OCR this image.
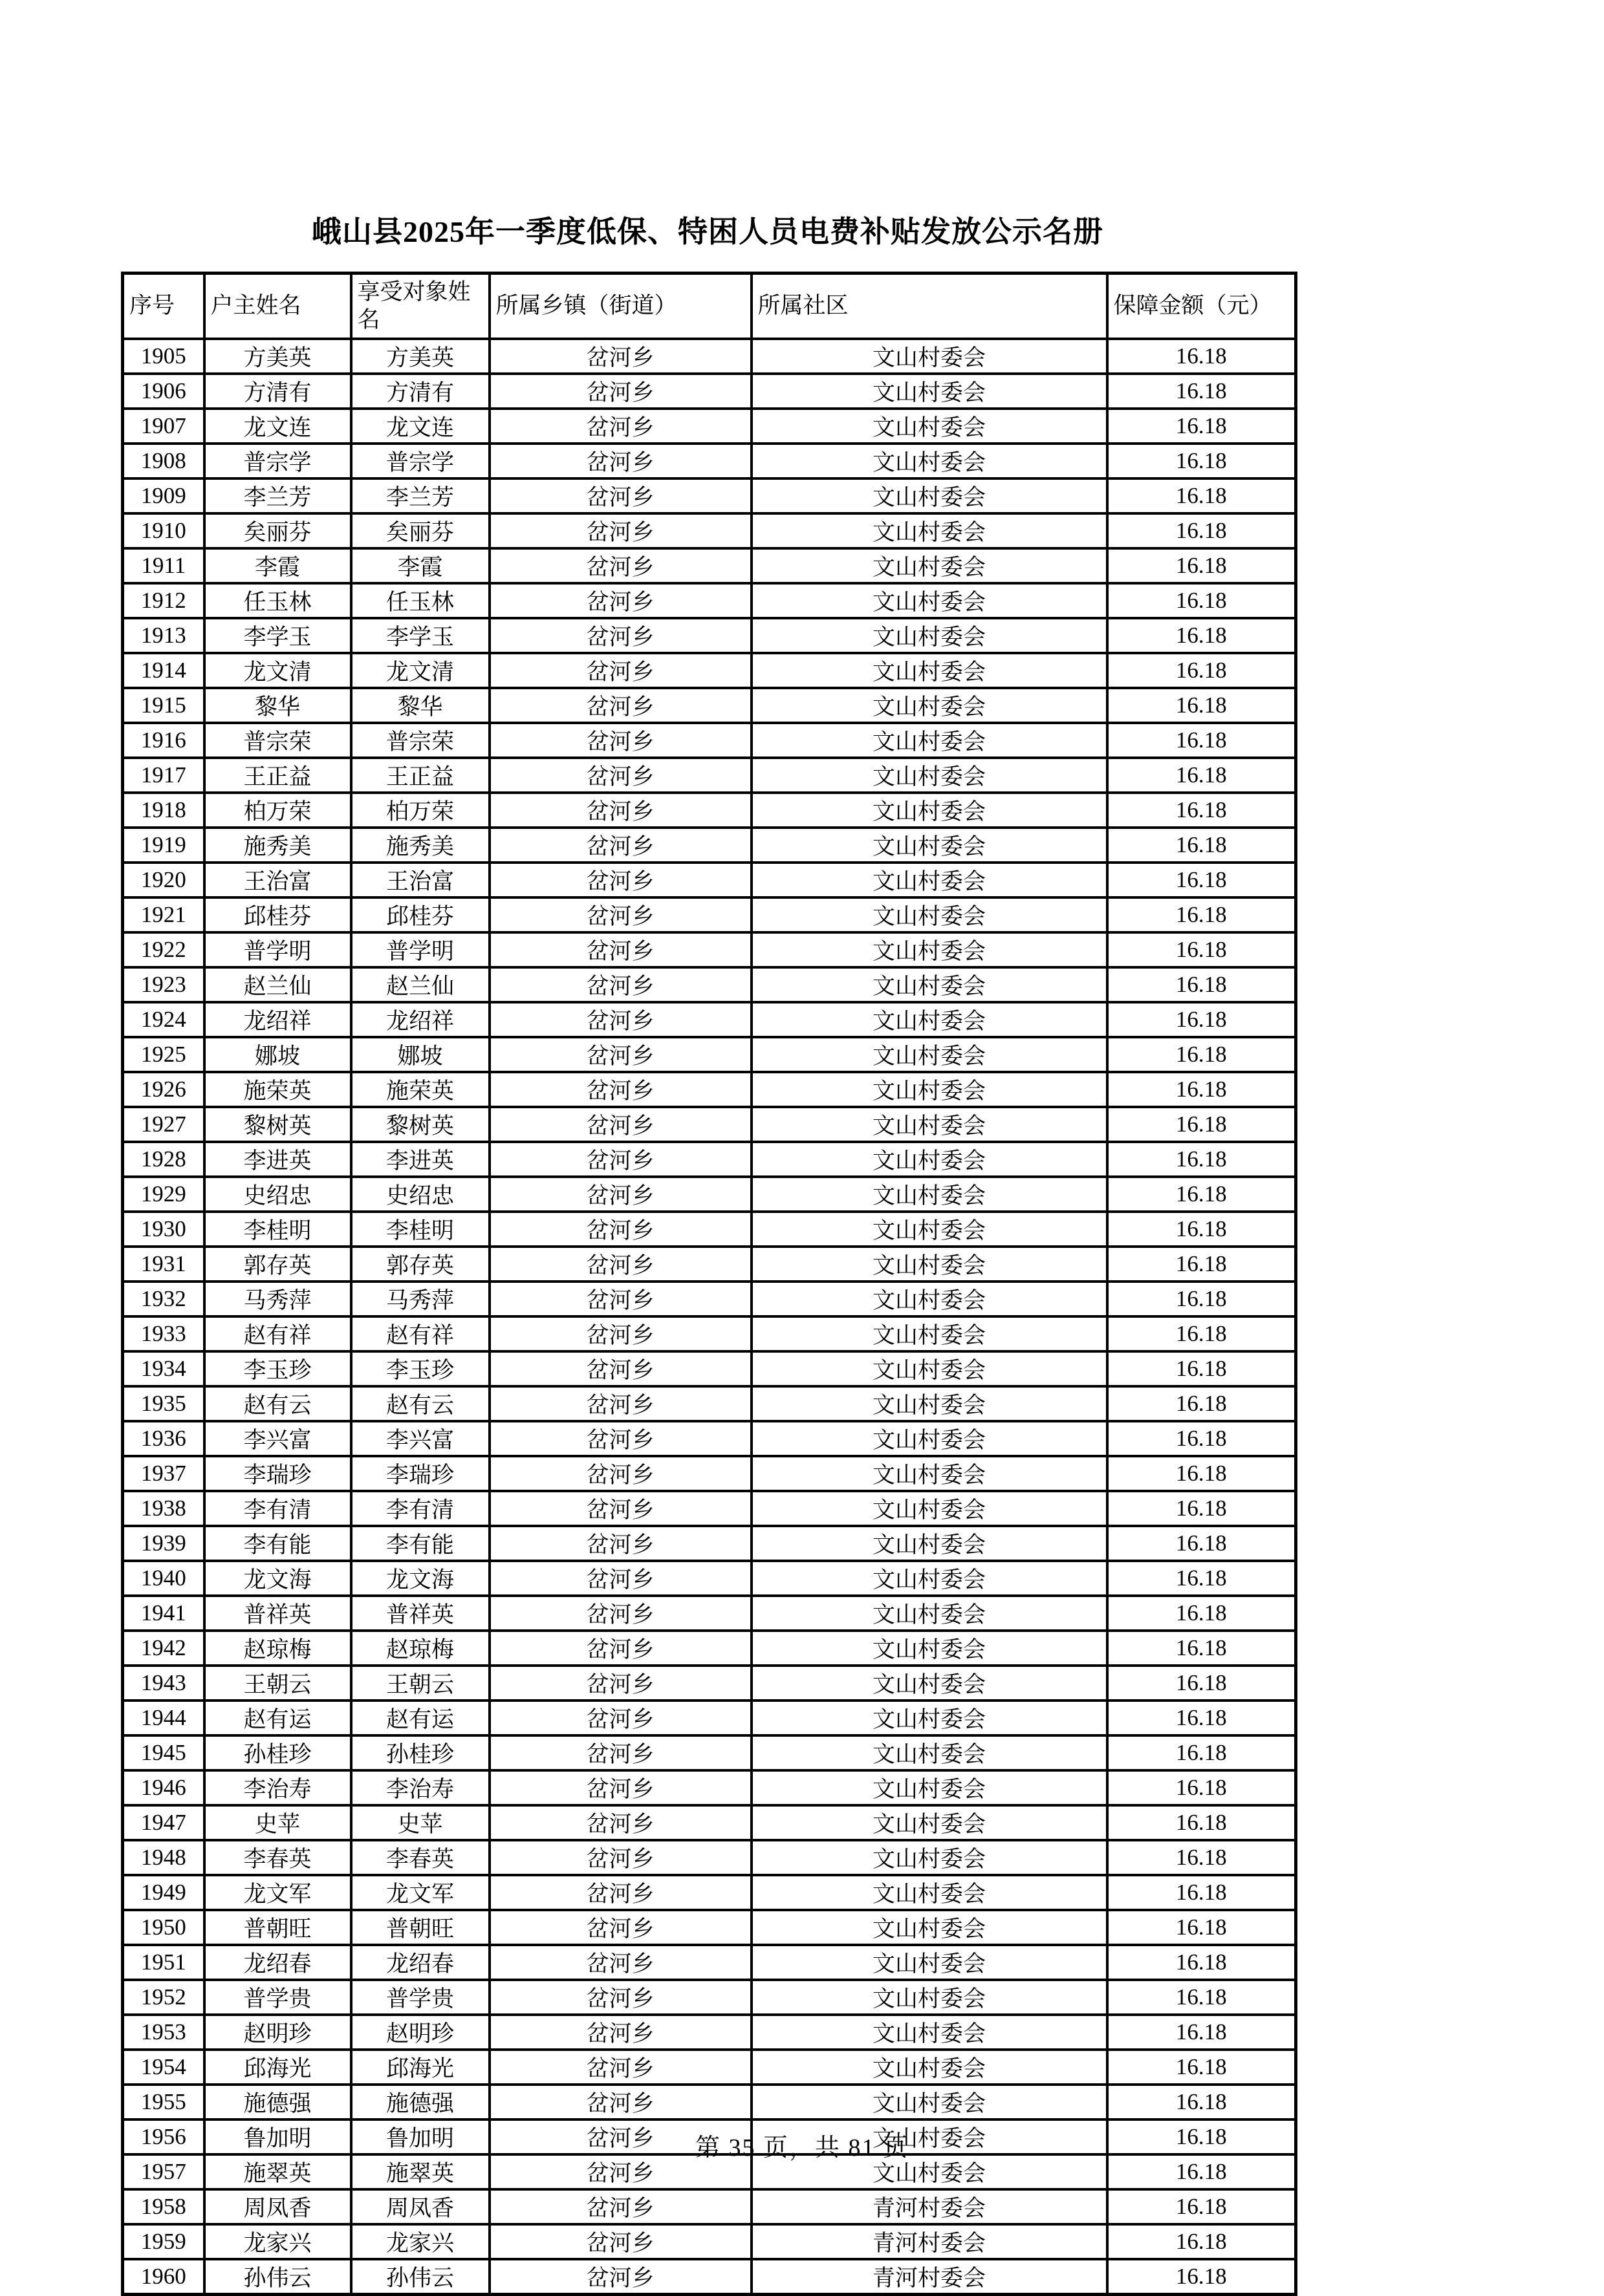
峨山县2025年一季度低保、特困人员电费补贴发放公示名册
序号	户主姓名	享受对象姓名	所属乡镇（街道）	所属社区	保障金额（元）
1905	方美英	方美英	岔河乡	文山村委会	16.18
1906	方清有	方清有	岔河乡	文山村委会	16.18
1907	龙文连	龙文连	岔河乡	文山村委会	16.18
1908	普宗学	普宗学	岔河乡	文山村委会	16.18
1909	李兰芳	李兰芳	岔河乡	文山村委会	16.18
1910	矣丽芬	矣丽芬	岔河乡	文山村委会	16.18
1911	李霞	李霞	岔河乡	文山村委会	16.18
1912	任玉林	任玉林	岔河乡	文山村委会	16.18
1913	李学玉	李学玉	岔河乡	文山村委会	16.18
1914	龙文清	龙文清	岔河乡	文山村委会	16.18
1915	黎华	黎华	岔河乡	文山村委会	16.18
1916	普宗荣	普宗荣	岔河乡	文山村委会	16.18
1917	王正益	王正益	岔河乡	文山村委会	16.18
1918	柏万荣	柏万荣	岔河乡	文山村委会	16.18
1919	施秀美	施秀美	岔河乡	文山村委会	16.18
1920	王治富	王治富	岔河乡	文山村委会	16.18
1921	邱桂芬	邱桂芬	岔河乡	文山村委会	16.18
1922	普学明	普学明	岔河乡	文山村委会	16.18
1923	赵兰仙	赵兰仙	岔河乡	文山村委会	16.18
1924	龙绍祥	龙绍祥	岔河乡	文山村委会	16.18
1925	娜坡	娜坡	岔河乡	文山村委会	16.18
1926	施荣英	施荣英	岔河乡	文山村委会	16.18
1927	黎树英	黎树英	岔河乡	文山村委会	16.18
1928	李进英	李进英	岔河乡	文山村委会	16.18
1929	史绍忠	史绍忠	岔河乡	文山村委会	16.18
1930	李桂明	李桂明	岔河乡	文山村委会	16.18
1931	郭存英	郭存英	岔河乡	文山村委会	16.18
1932	马秀萍	马秀萍	岔河乡	文山村委会	16.18
1933	赵有祥	赵有祥	岔河乡	文山村委会	16.18
1934	李玉珍	李玉珍	岔河乡	文山村委会	16.18
1935	赵有云	赵有云	岔河乡	文山村委会	16.18
1936	李兴富	李兴富	岔河乡	文山村委会	16.18
1937	李瑞珍	李瑞珍	岔河乡	文山村委会	16.18
1938	李有清	李有清	岔河乡	文山村委会	16.18
1939	李有能	李有能	岔河乡	文山村委会	16.18
1940	龙文海	龙文海	岔河乡	文山村委会	16.18
1941	普祥英	普祥英	岔河乡	文山村委会	16.18
1942	赵琼梅	赵琼梅	岔河乡	文山村委会	16.18
1943	王朝云	王朝云	岔河乡	文山村委会	16.18
1944	赵有运	赵有运	岔河乡	文山村委会	16.18
1945	孙桂珍	孙桂珍	岔河乡	文山村委会	16.18
1946	李治寿	李治寿	岔河乡	文山村委会	16.18
1947	史苹	史苹	岔河乡	文山村委会	16.18
1948	李春英	李春英	岔河乡	文山村委会	16.18
1949	龙文军	龙文军	岔河乡	文山村委会	16.18
1950	普朝旺	普朝旺	岔河乡	文山村委会	16.18
1951	龙绍春	龙绍春	岔河乡	文山村委会	16.18
1952	普学贵	普学贵	岔河乡	文山村委会	16.18
1953	赵明珍	赵明珍	岔河乡	文山村委会	16.18
1954	邱海光	邱海光	岔河乡	文山村委会	16.18
1955	施德强	施德强	岔河乡	文山村委会	16.18
1956	鲁加明	鲁加明	岔河乡	文山村委会	16.18
1957	施翠英	施翠英	岔河乡	文山村委会	16.18
1958	周凤香	周凤香	岔河乡	青河村委会	16.18
1959	龙家兴	龙家兴	岔河乡	青河村委会	16.18
1960	孙伟云	孙伟云	岔河乡	青河村委会	16.18
第 35 页，共 81 页
